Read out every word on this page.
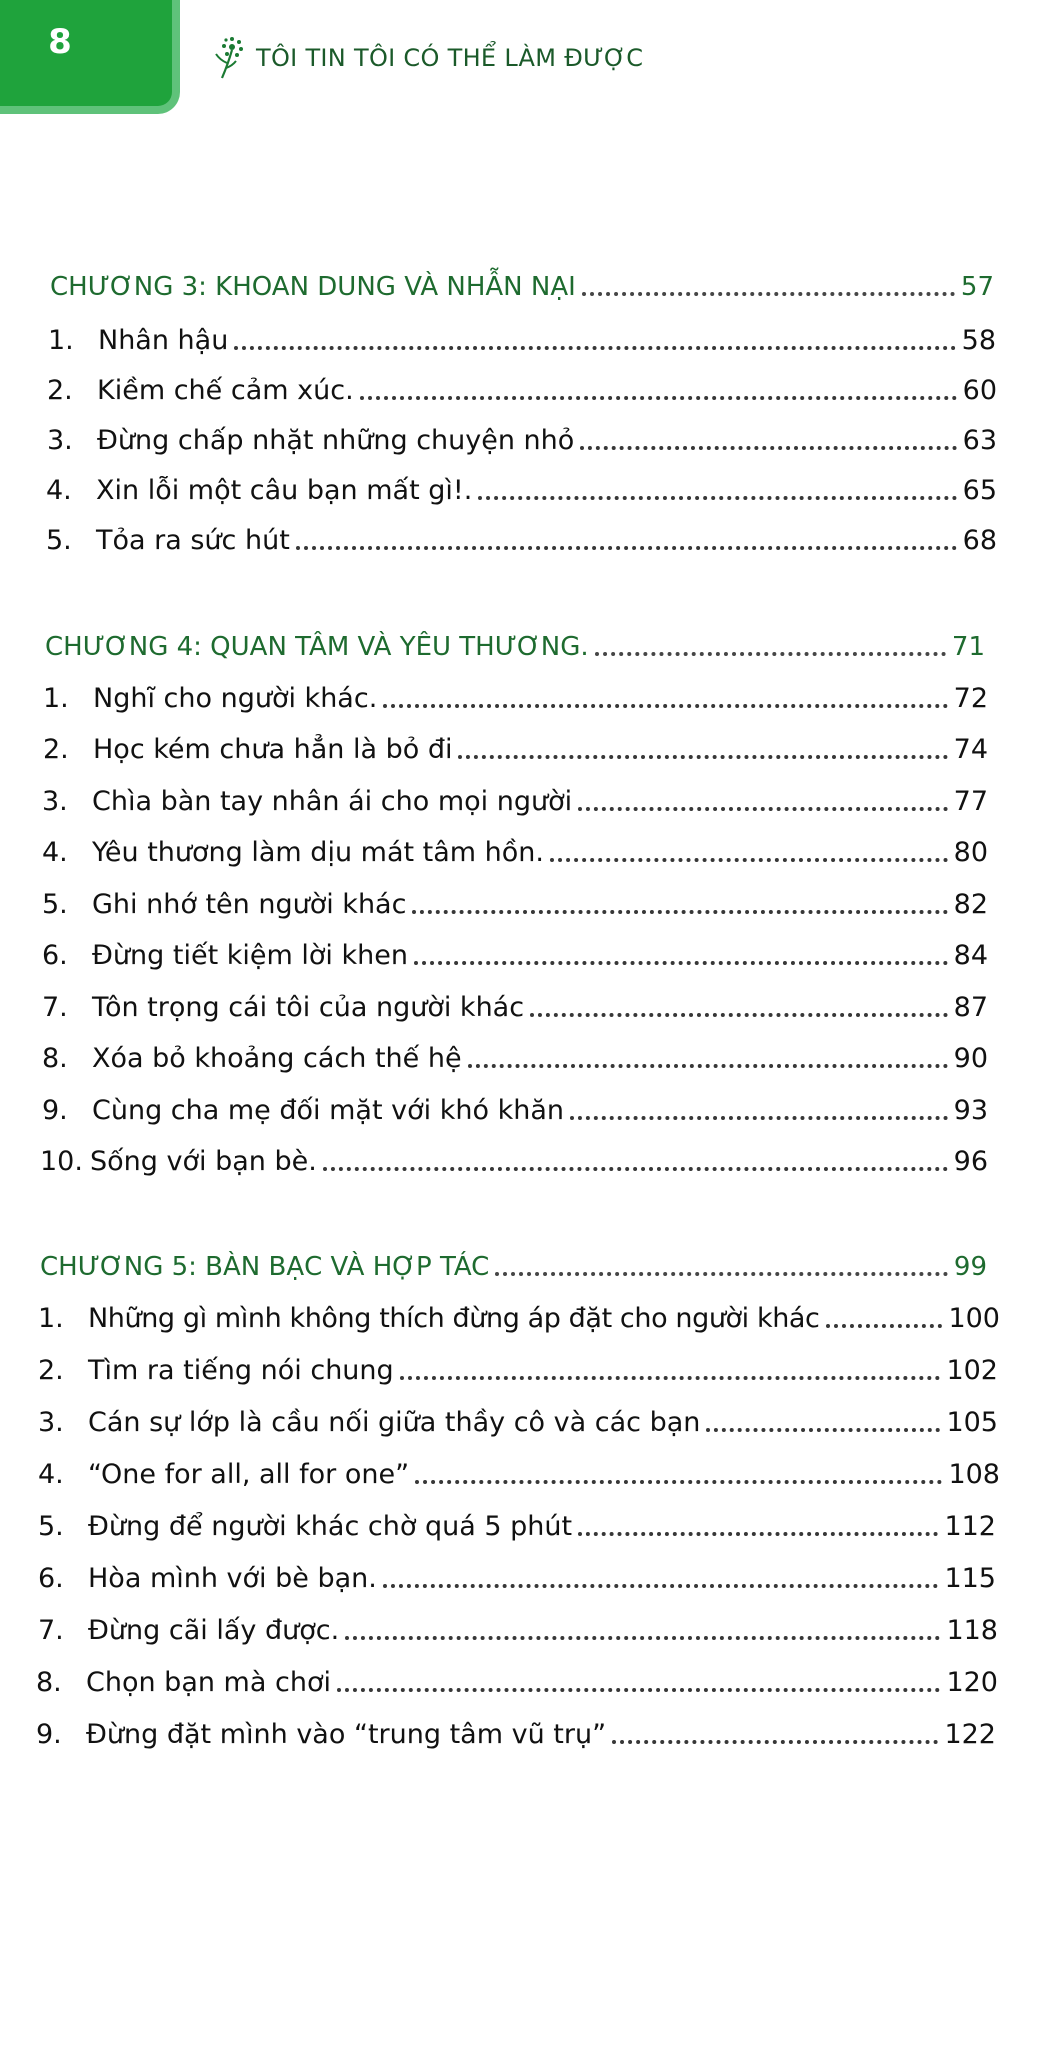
8	TÔI TIN TÔI CÓ THỂ LÀM ĐƯỢC
CHƯƠNG 3: KHOAN DUNG VÀ NHẪN NẠI	57
1. Nhân hậu	58
2. Kiềm chế cảm xúc.	60
3. Đừng chấp nhặt những chuyện nhỏ	63
4. Xin lỗi một câu bạn mất gì!.	65
5. Tỏa ra sức hút	68
CHƯƠNG 4: QUAN TÂM VÀ YÊU THƯƠNG.	71
1. Nghĩ cho người khác.	72
2. Học kém chưa hẳn là bỏ đi	74
3. Chìa bàn tay nhân ái cho mọi người	77
4. Yêu thương làm dịu mát tâm hồn.	80
5. Ghi nhớ tên người khác	82
6. Đừng tiết kiệm lời khen	84
7. Tôn trọng cái tôi của người khác	87
8. Xóa bỏ khoảng cách thế hệ	90
9. Cùng cha mẹ đối mặt với khó khăn	93
10. Sống với bạn bè.	96
CHƯƠNG 5: BÀN BẠC VÀ HỢP TÁC	99
1. Những gì mình không thích đừng áp đặt cho người khác	100
2. Tìm ra tiếng nói chung	102
3. Cán sự lớp là cầu nối giữa thầy cô và các bạn	105
4. “One for all, all for one”	108
5. Đừng để người khác chờ quá 5 phút	112
6. Hòa mình với bè bạn.	115
7. Đừng cãi lấy được.	118
8. Chọn bạn mà chơi	120
9. Đừng đặt mình vào “trung tâm vũ trụ”	122
